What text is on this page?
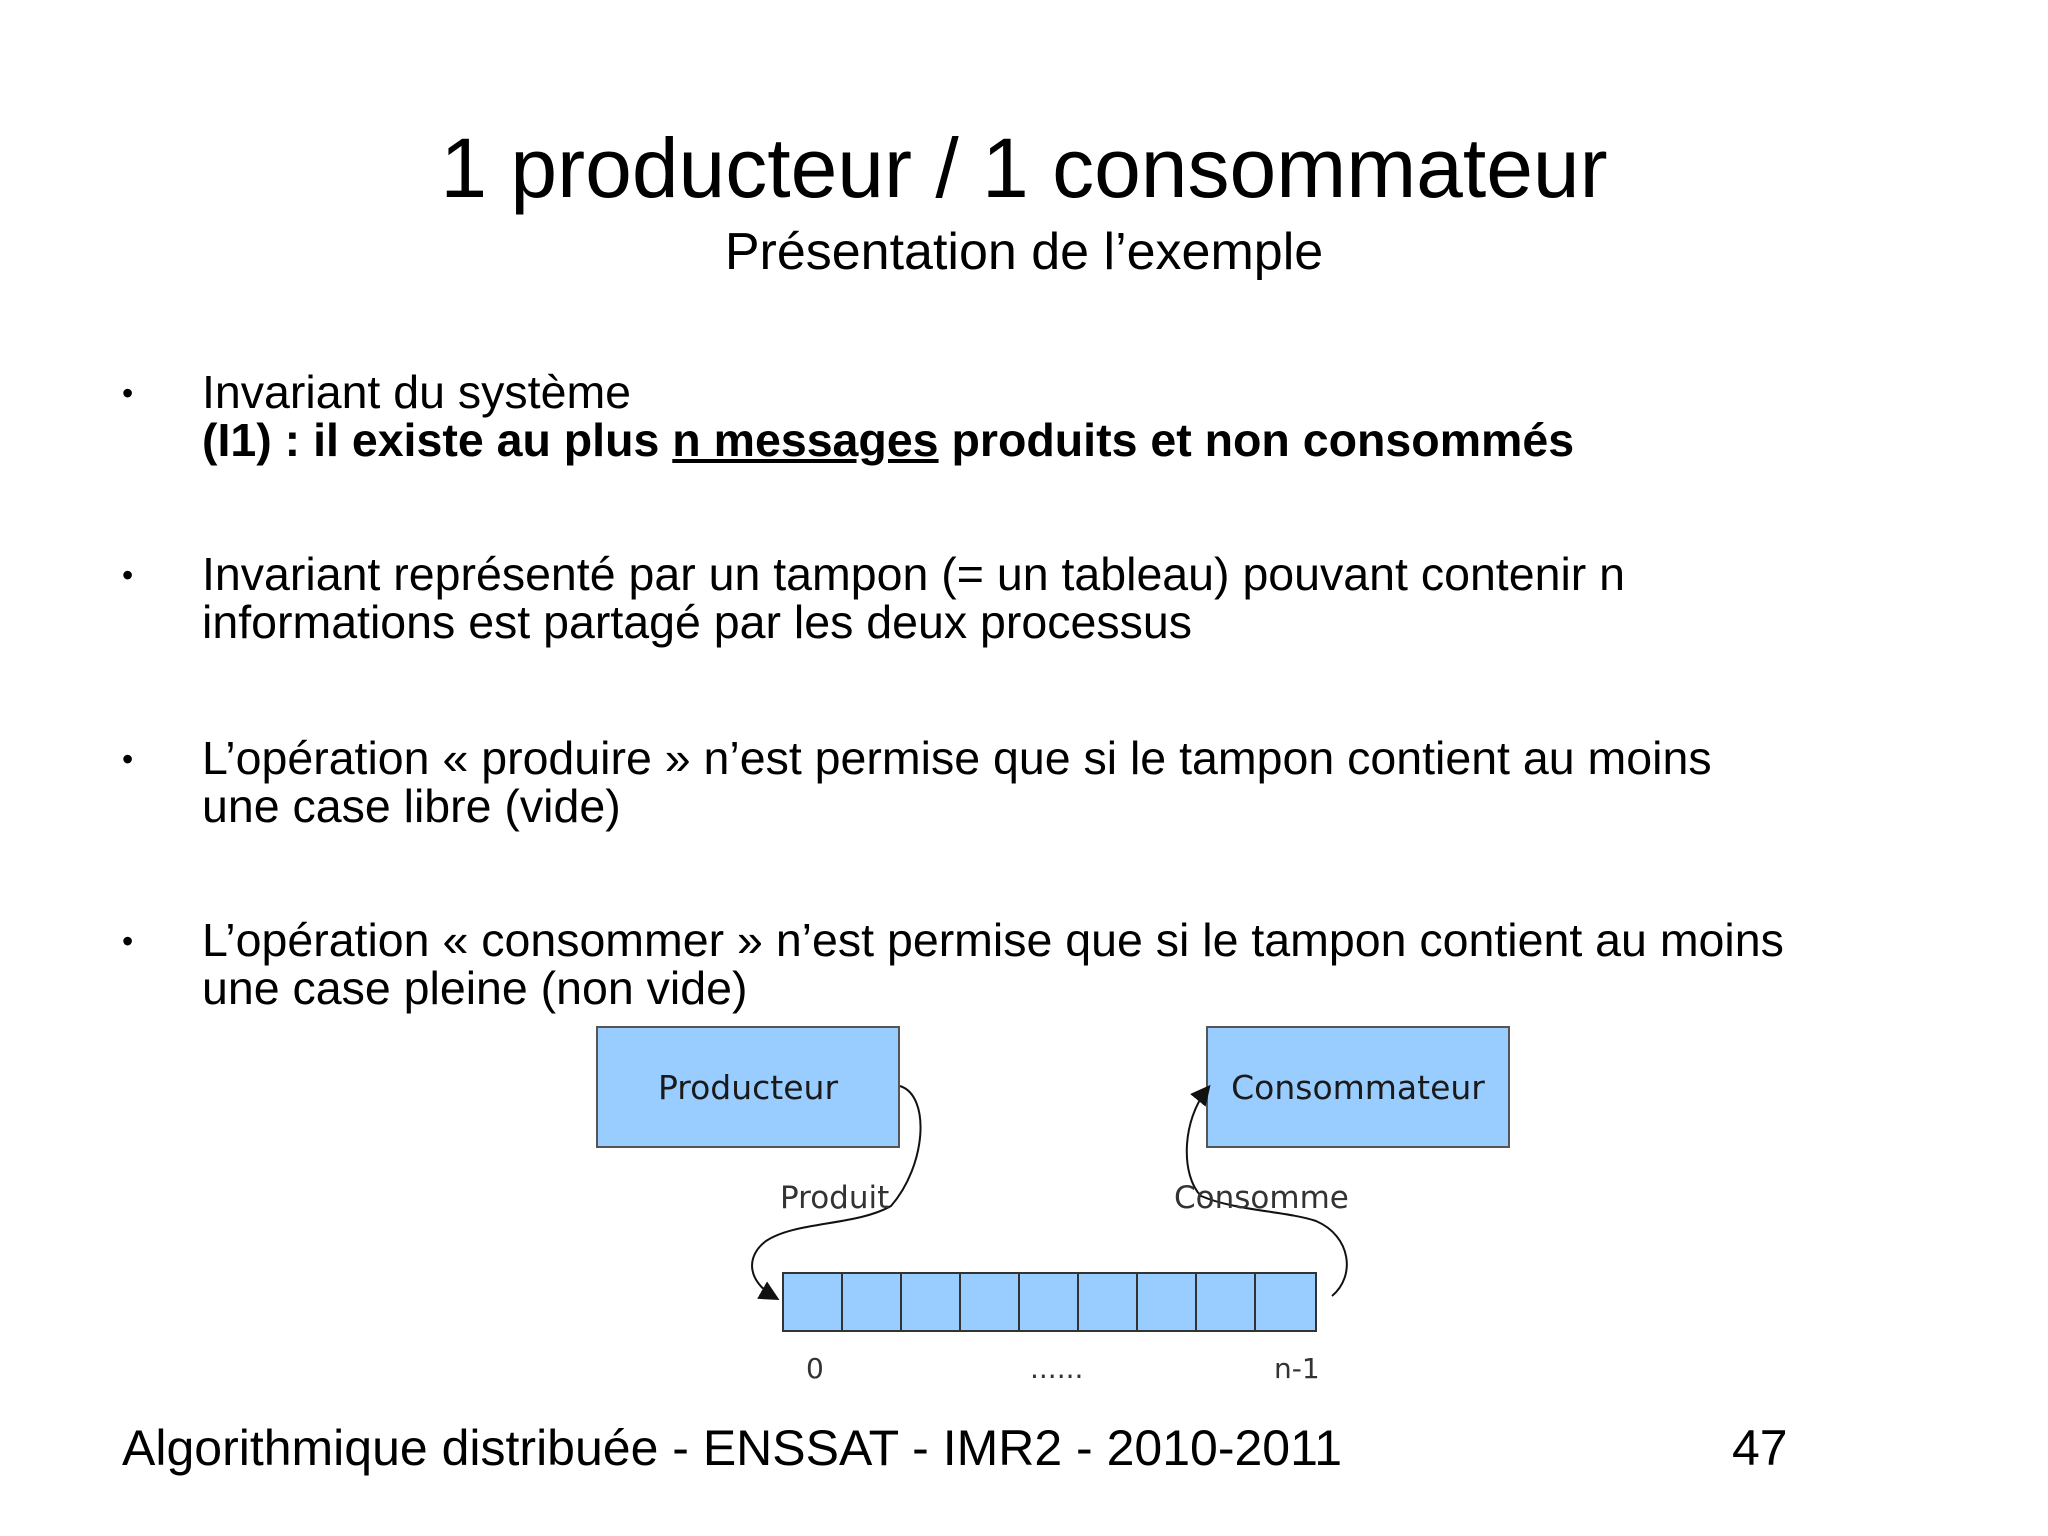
1 producteur / 1 consommateur
Présentation de l’exemple
• Invariant du système
(I1) : il existe au plus n messages produits et non consommés
• Invariant représenté par un tampon (= un tableau) pouvant contenir n
informations est partagé par les deux processus
• L’opération « produire » n’est permise que si le tampon contient au moins
une case libre (vide)
• L’opération « consommer » n’est permise que si le tampon contient au moins
une case pleine (non vide)
Producteur	Consommateur
Produit	Consomme
0	......	n-1
Algorithmique distribuée - ENSSAT - IMR2 - 2010-2011	47
